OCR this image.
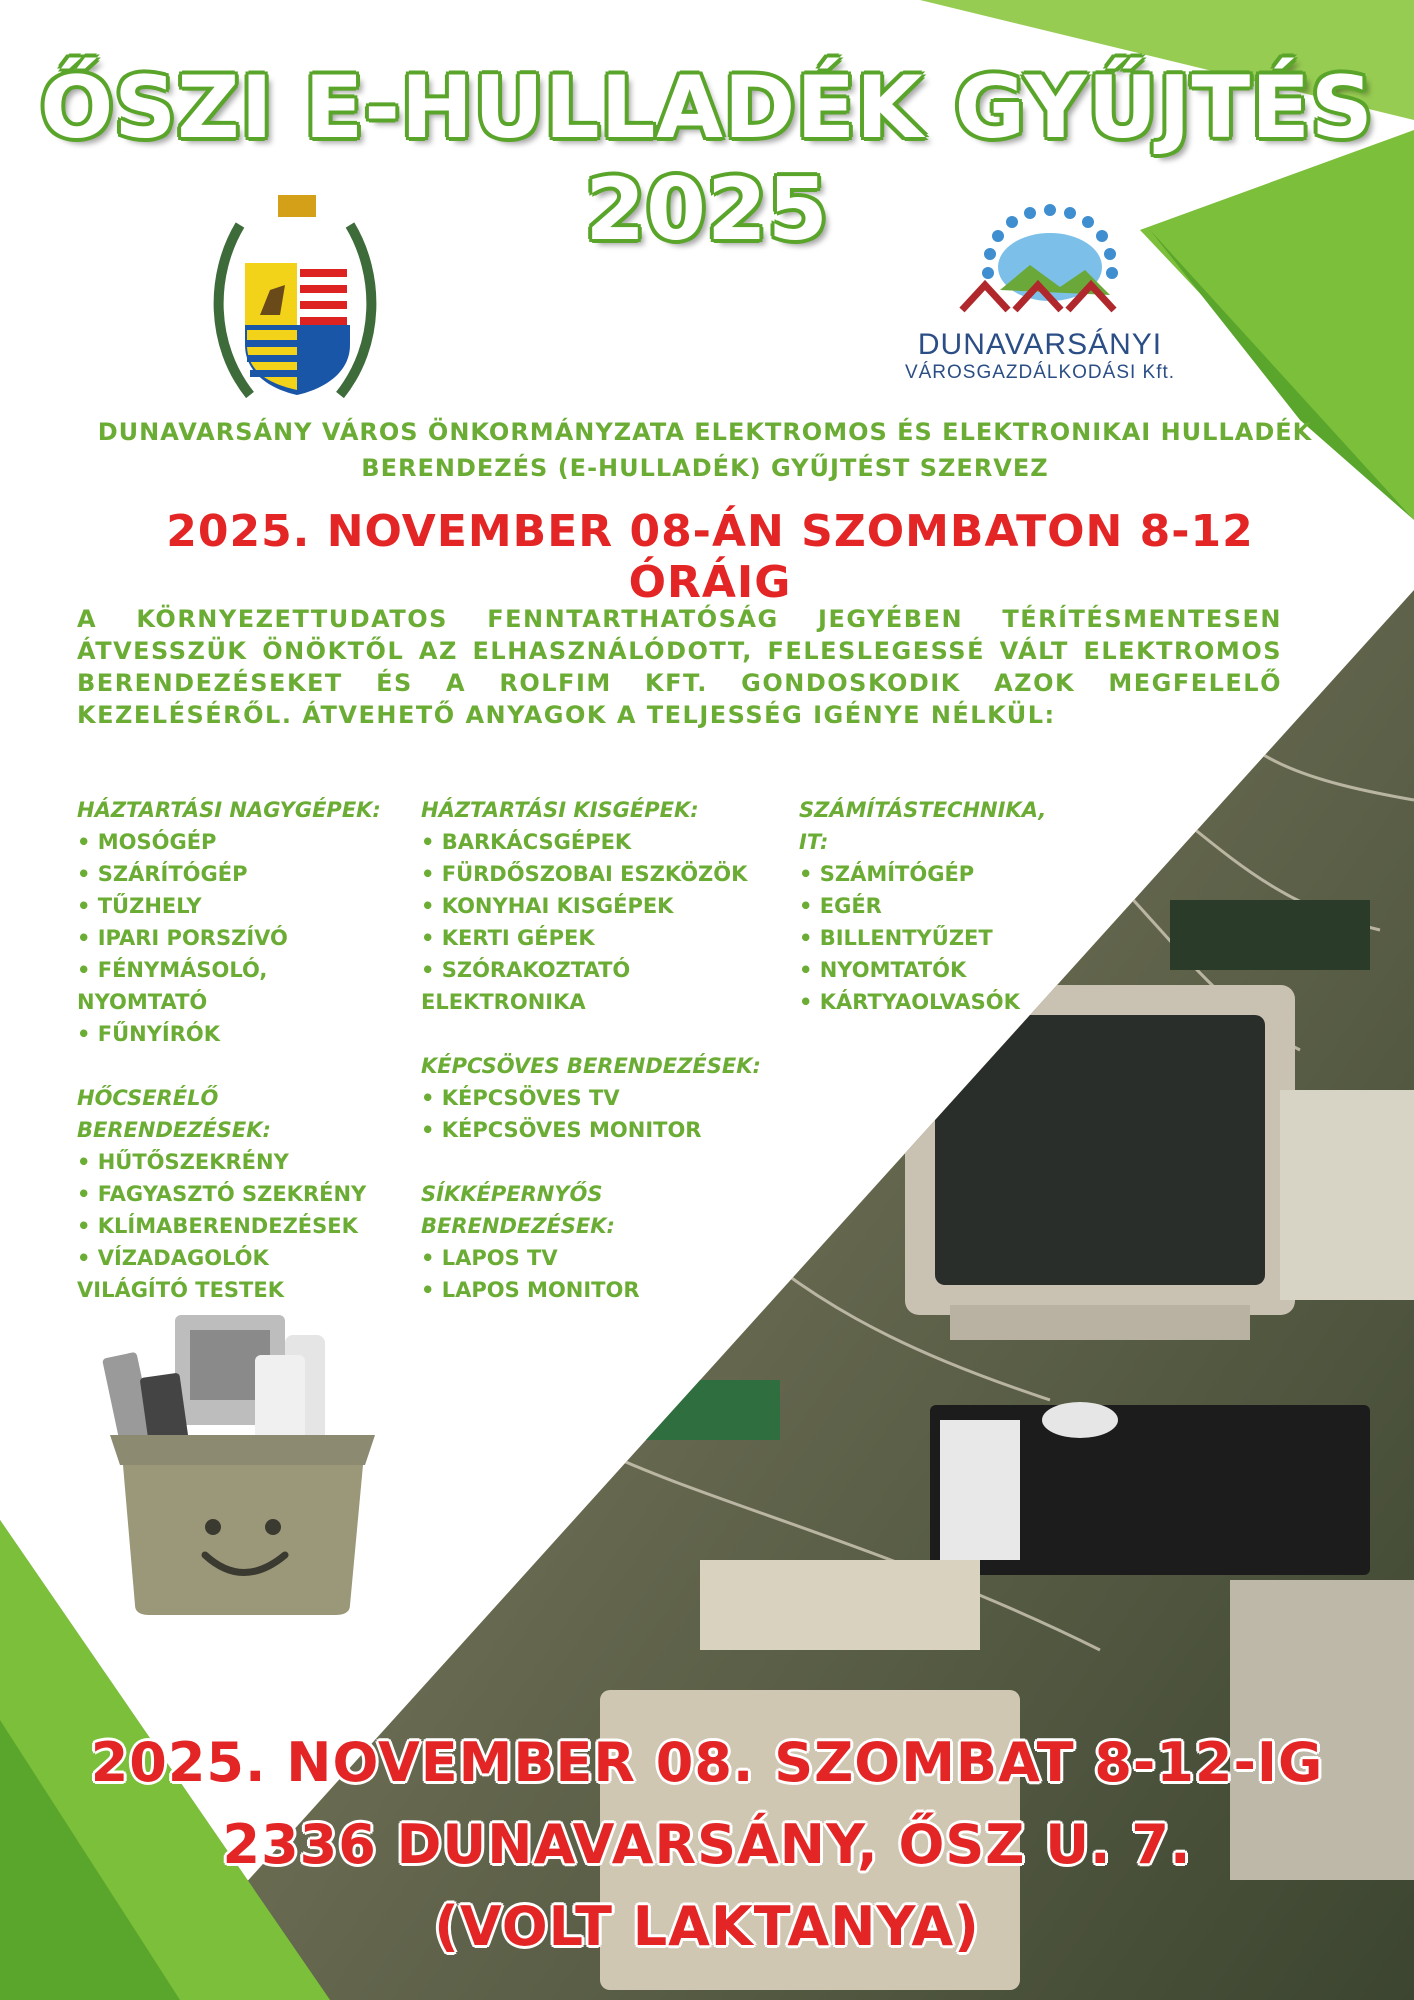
ŐSZI E-HULLADÉK GYŰJTÉS
2025
DUNAVARSÁNYI
VÁROSGAZDÁLKODÁSI Kft.
DUNAVARSÁNY VÁROS ÖNKORMÁNYZATA ELEKTROMOS ÉS ELEKTRONIKAI HULLADÉK BERENDEZÉS (E-HULLADÉK) GYŰJTÉST SZERVEZ
2025. NOVEMBER 08-ÁN SZOMBATON 8-12 ÓRÁIG
A KÖRNYEZETTUDATOS FENNTARTHATÓSÁG JEGYÉBEN TÉRÍTÉSMENTESEN ÁTVESSZÜK ÖNÖKTŐL AZ ELHASZNÁLÓDOTT, FELESLEGESSÉ VÁLT ELEKTROMOS BERENDEZÉSEKET ÉS A ROLFIM KFT. GONDOSKODIK AZOK MEGFELELŐ KEZELÉSÉRŐL. ÁTVEHETŐ ANYAGOK A TELJESSÉG IGÉNYE NÉLKÜL:
HÁZTARTÁSI NAGYGÉPEK:
• MOSÓGÉP
• SZÁRÍTÓGÉP
• TŰZHELY
• IPARI PORSZÍVÓ
• FÉNYMÁSOLÓ,
NYOMTATÓ
• FŰNYÍRÓK
HŐCSERÉLŐ BERENDEZÉSEK:
• HŰTŐSZEKRÉNY
• FAGYASZTÓ SZEKRÉNY
• KLÍMABERENDEZÉSEK
• VÍZADAGOLÓK
VILÁGÍTÓ TESTEK
HÁZTARTÁSI KISGÉPEK:
• BARKÁCSGÉPEK
• FÜRDŐSZOBAI ESZKÖZÖK
• KONYHAI KISGÉPEK
• KERTI GÉPEK
• SZÓRAKOZTATÓ ELEKTRONIKA
KÉPCSÖVES BERENDEZÉSEK:
• KÉPCSÖVES TV
• KÉPCSÖVES MONITOR
SÍKKÉPERNYŐS BERENDEZÉSEK:
• LAPOS TV
• LAPOS MONITOR
SZÁMÍTÁSTECHNIKA, IT:
• SZÁMÍTÓGÉP
• EGÉR
• BILLENTYŰZET
• NYOMTATÓK
• KÁRTYAOLVASÓK
2025. NOVEMBER 08. SZOMBAT 8-12-IG
2336 DUNAVARSÁNY, ŐSZ U. 7.
(VOLT LAKTANYA)
